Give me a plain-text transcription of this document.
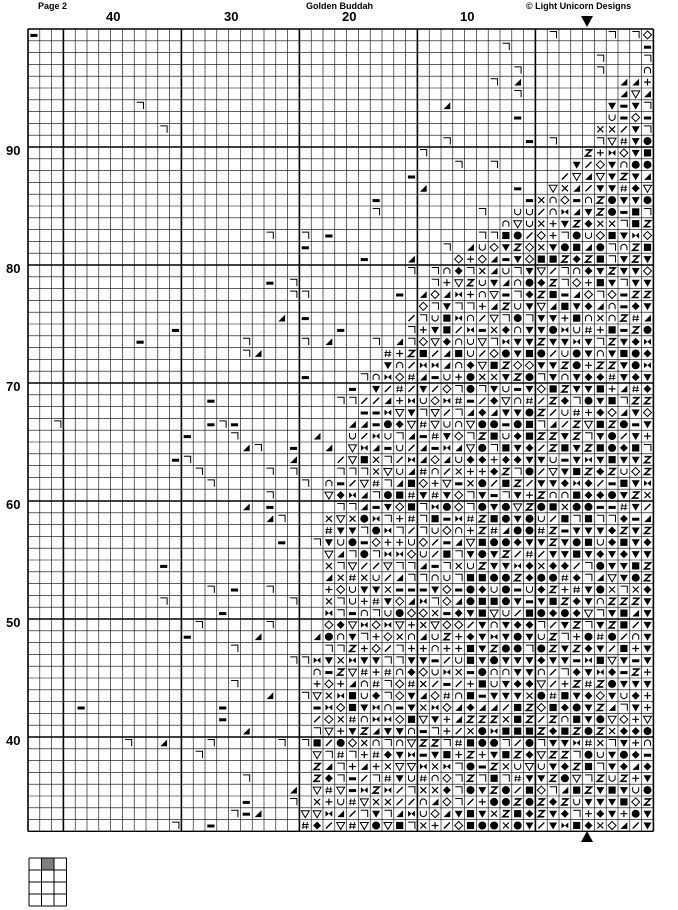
Page 2	Golden Buddah	© Light Unicorn Designs
40	30	20	10
90
80
70
60
50
40
